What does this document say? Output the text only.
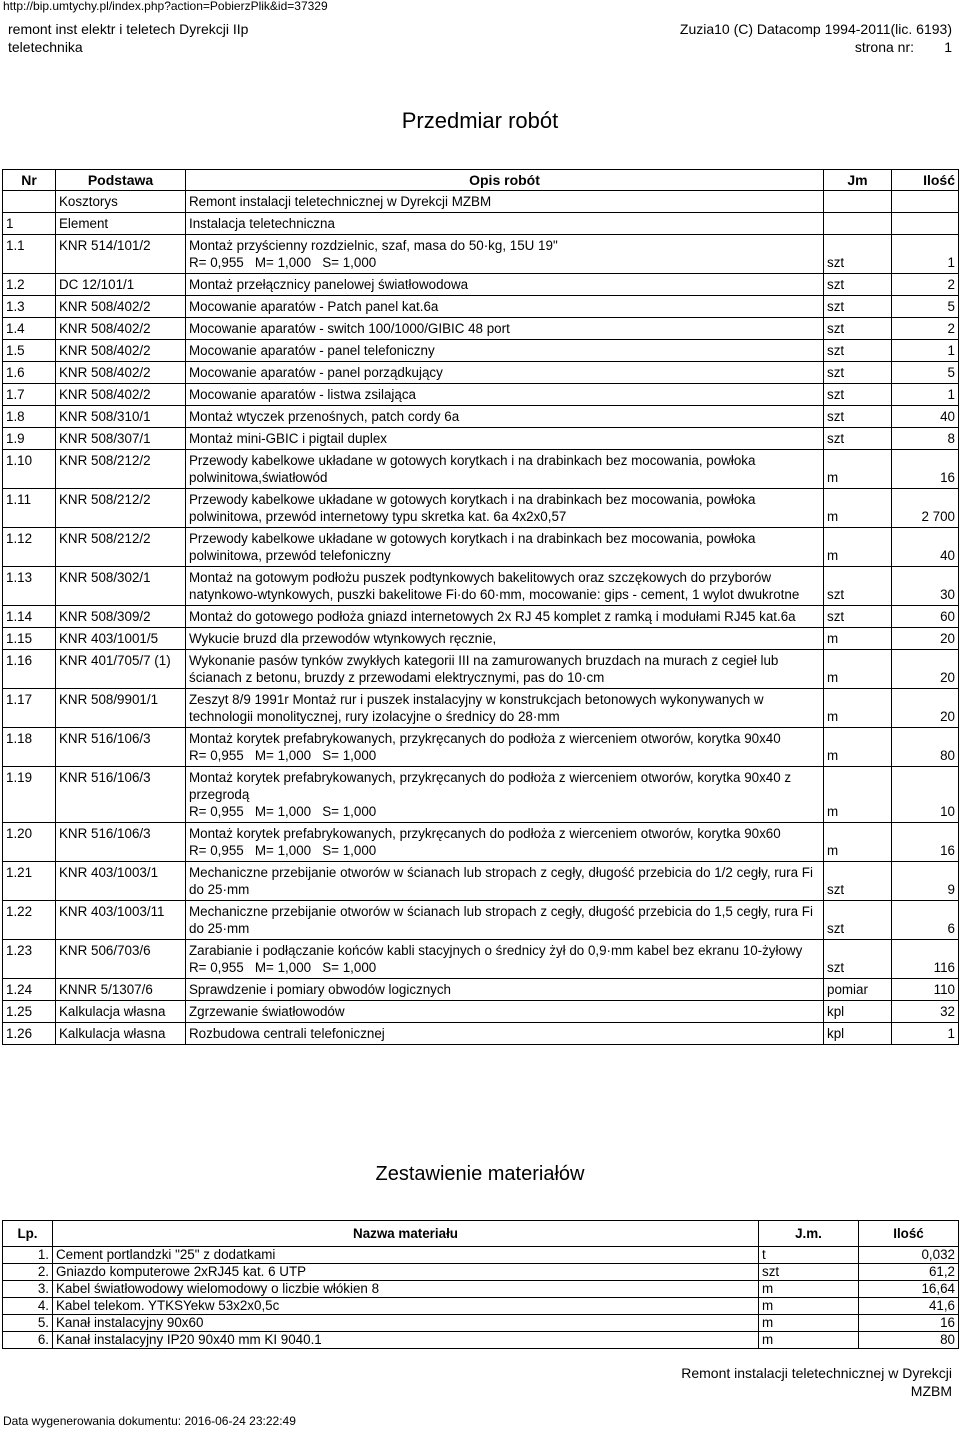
http://bip.umtychy.pl/index.php?action=PobierzPlik&id=37329
remont inst elektr i teletech Dyrekcji IIp
teletechnika
Zuzia10 (C) Datacomp 1994-2011(lic. 6193)
strona nr: 1
Przedmiar robót
Nr	Podstawa	Opis robót	Jm	Ilość
	Kosztorys	Remont instalacji teletechnicznej w Dyrekcji MZBM		
1	Element	Instalacja teletechniczna		
1.1	KNR 514/101/2	Montaż przyścienny rozdzielnic, szaf, masa do 50·kg, 15U 19"
R= 0,955   M= 1,000   S= 1,000	szt	1
1.2	DC 12/101/1	Montaż przełącznicy panelowej światłowodowa	szt	2
1.3	KNR 508/402/2	Mocowanie aparatów - Patch panel kat.6a	szt	5
1.4	KNR 508/402/2	Mocowanie aparatów - switch 100/1000/GIBIC 48 port	szt	2
1.5	KNR 508/402/2	Mocowanie aparatów - panel telefoniczny	szt	1
1.6	KNR 508/402/2	Mocowanie aparatów - panel porządkujący	szt	5
1.7	KNR 508/402/2	Mocowanie aparatów - listwa zsilająca	szt	1
1.8	KNR 508/310/1	Montaż wtyczek przenośnych, patch cordy 6a	szt	40
1.9	KNR 508/307/1	Montaż mini-GBIC i pigtail duplex	szt	8
1.10	KNR 508/212/2	Przewody kabelkowe układane w gotowych korytkach i na drabinkach bez mocowania, powłoka polwinitowa,światłowód	m	16
1.11	KNR 508/212/2	Przewody kabelkowe układane w gotowych korytkach i na drabinkach bez mocowania, powłoka polwinitowa, przewód internetowy typu skretka kat. 6a 4x2x0,57	m	2 700
1.12	KNR 508/212/2	Przewody kabelkowe układane w gotowych korytkach i na drabinkach bez mocowania, powłoka polwinitowa, przewód telefoniczny	m	40
1.13	KNR 508/302/1	Montaż na gotowym podłożu puszek podtynkowych bakelitowych oraz szczękowych do przyborów natynkowo-wtynkowych, puszki bakelitowe Fi·do 60·mm, mocowanie: gips - cement, 1 wylot dwukrotne	szt	30
1.14	KNR 508/309/2	Montaż do gotowego podłoża gniazd internetowych 2x RJ 45 komplet z ramką i modułami RJ45 kat.6a	szt	60
1.15	KNR 403/1001/5	Wykucie bruzd dla przewodów wtynkowych ręcznie,	m	20
1.16	KNR 401/705/7 (1)	Wykonanie pasów tynków zwykłych kategorii III na zamurowanych bruzdach na murach z cegieł lub ścianach z betonu, bruzdy z przewodami elektrycznymi, pas do 10·cm	m	20
1.17	KNR 508/9901/1	Zeszyt 8/9 1991r Montaż rur i puszek instalacyjny w konstrukcjach betonowych wykonywanych w technologii monolitycznej, rury izolacyjne o średnicy do 28·mm	m	20
1.18	KNR 516/106/3	Montaż korytek prefabrykowanych, przykręcanych do podłoża z wierceniem otworów, korytka 90x40
R= 0,955   M= 1,000   S= 1,000	m	80
1.19	KNR 516/106/3	Montaż korytek prefabrykowanych, przykręcanych do podłoża z wierceniem otworów, korytka 90x40 z przegrodą
R= 0,955   M= 1,000   S= 1,000	m	10
1.20	KNR 516/106/3	Montaż korytek prefabrykowanych, przykręcanych do podłoża z wierceniem otworów, korytka 90x60
R= 0,955   M= 1,000   S= 1,000	m	16
1.21	KNR 403/1003/1	Mechaniczne przebijanie otworów w ścianach lub stropach z cegły, długość przebicia do 1/2 cegły, rura Fi do 25·mm	szt	9
1.22	KNR 403/1003/11	Mechaniczne przebijanie otworów w ścianach lub stropach z cegły, długość przebicia do 1,5 cegły, rura Fi do 25·mm	szt	6
1.23	KNR 506/703/6	Zarabianie i podłączanie końców kabli stacyjnych o średnicy żył do 0,9·mm kabel bez ekranu 10-żyłowy
R= 0,955   M= 1,000   S= 1,000	szt	116
1.24	KNNR 5/1307/6	Sprawdzenie i pomiary obwodów logicznych	pomiar	110
1.25	Kalkulacja własna	Zgrzewanie światłowodów	kpl	32
1.26	Kalkulacja własna	Rozbudowa centrali telefonicznej	kpl	1
Zestawienie materiałów
Lp.	Nazwa materiału	J.m.	Ilość
1.	Cement portlandzki "25" z dodatkami	t	0,032
2.	Gniazdo komputerowe 2xRJ45 kat. 6 UTP	szt	61,2
3.	Kabel światłowodowy wielomodowy o liczbie włókien 8	m	16,64
4.	Kabel telekom. YTKSYekw 53x2x0,5c	m	41,6
5.	Kanał instalacyjny 90x60	m	16
6.	Kanał instalacyjny IP20 90x40 mm KI 9040.1	m	80
Remont instalacji teletechnicznej w Dyrekcji
MZBM
Data wygenerowania dokumentu: 2016-06-24 23:22:49
